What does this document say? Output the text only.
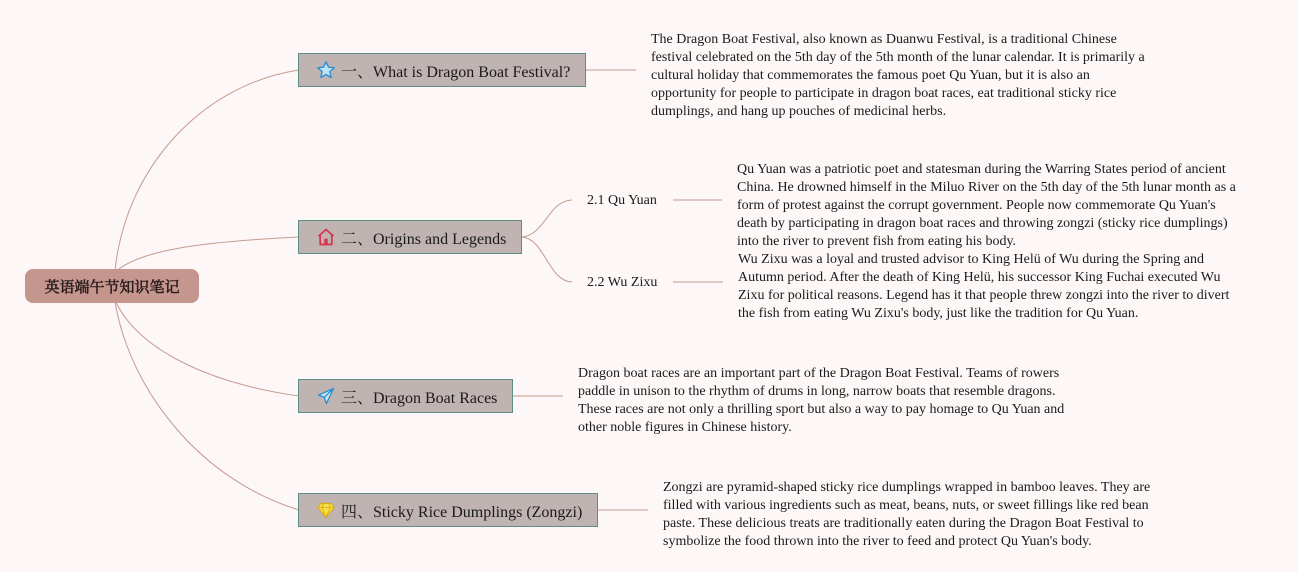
英语端午节知识笔记
一、What is Dragon Boat Festival?
The Dragon Boat Festival, also known as Duanwu Festival, is a traditional Chinese festival celebrated on the 5th day of the 5th month of the lunar calendar. It is primarily a cultural holiday that commemorates the famous poet Qu Yuan, but it is also an opportunity for people to participate in dragon boat races, eat traditional sticky rice dumplings, and hang up pouches of medicinal herbs.
二、Origins and Legends
2.1 Qu Yuan
Qu Yuan was a patriotic poet and statesman during the Warring States period of ancient China. He drowned himself in the Miluo River on the 5th day of the 5th lunar month as a form of protest against the corrupt government. People now commemorate Qu Yuan's death by participating in dragon boat races and throwing zongzi (sticky rice dumplings) into the river to prevent fish from eating his body.
2.2 Wu Zixu
Wu Zixu was a loyal and trusted advisor to King Helü of Wu during the Spring and Autumn period. After the death of King Helü, his successor King Fuchai executed Wu Zixu for political reasons. Legend has it that people threw zongzi into the river to divert the fish from eating Wu Zixu's body, just like the tradition for Qu Yuan.
三、Dragon Boat Races
Dragon boat races are an important part of the Dragon Boat Festival. Teams of rowers paddle in unison to the rhythm of drums in long, narrow boats that resemble dragons. These races are not only a thrilling sport but also a way to pay homage to Qu Yuan and other noble figures in Chinese history.
四、Sticky Rice Dumplings (Zongzi)
Zongzi are pyramid-shaped sticky rice dumplings wrapped in bamboo leaves. They are filled with various ingredients such as meat, beans, nuts, or sweet fillings like red bean paste. These delicious treats are traditionally eaten during the Dragon Boat Festival to symbolize the food thrown into the river to feed and protect Qu Yuan's body.
